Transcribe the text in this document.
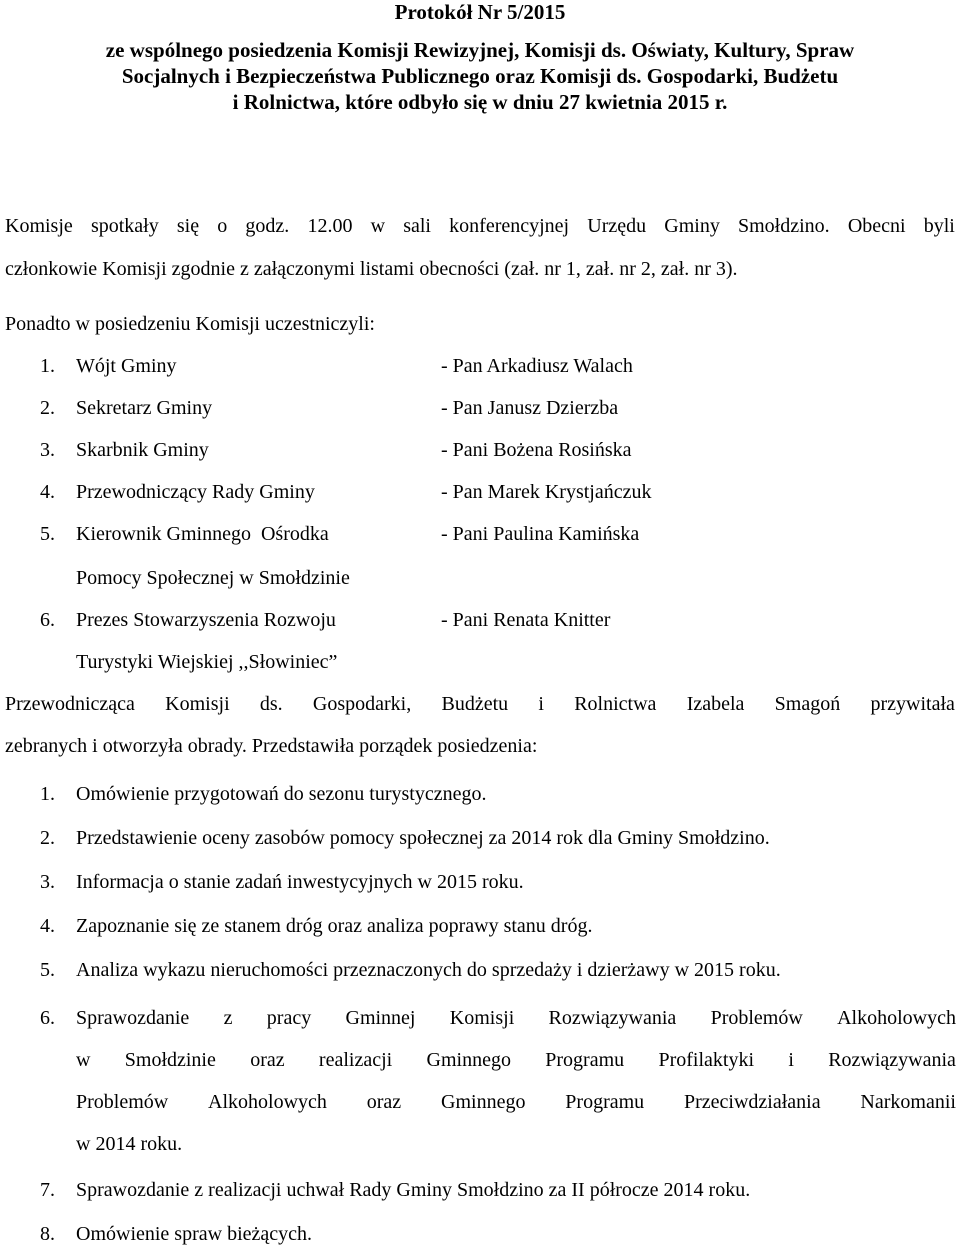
Protokół Nr 5/2015
ze wspólnego posiedzenia Komisji Rewizyjnej, Komisji ds. Oświaty, Kultury, Spraw
Socjalnych i Bezpieczeństwa Publicznego oraz Komisji ds. Gospodarki, Budżetu
i Rolnictwa, które odbyło się w dniu 27 kwietnia 2015 r.
Komisje spotkały się o godz. 12.00 w sali konferencyjnej Urzędu Gminy Smołdzino. Obecni byli
członkowie Komisji zgodnie z załączonymi listami obecności (zał. nr 1, zał. nr 2, zał. nr 3).
Ponadto w posiedzeniu Komisji uczestniczyli:
1. Wójt Gminy	- Pan Arkadiusz Walach
2. Sekretarz Gminy	- Pan Janusz Dzierzba
3. Skarbnik Gminy	- Pani Bożena Rosińska
4. Przewodniczący Rady Gminy	- Pan Marek Krystjańczuk
5. Kierownik Gminnego  Ośrodka	- Pani Paulina Kamińska
Pomocy Społecznej w Smołdzinie
6. Prezes Stowarzyszenia Rozwoju	- Pani Renata Knitter
Turystyki Wiejskiej ,,Słowiniec”
Przewodnicząca Komisji ds. Gospodarki, Budżetu i Rolnictwa Izabela Smagoń przywitała
zebranych i otworzyła obrady. Przedstawiła porządek posiedzenia:
1. Omówienie przygotowań do sezonu turystycznego.
2. Przedstawienie oceny zasobów pomocy społecznej za 2014 rok dla Gminy Smołdzino.
3. Informacja o stanie zadań inwestycyjnych w 2015 roku.
4. Zapoznanie się ze stanem dróg oraz analiza poprawy stanu dróg.
5. Analiza wykazu nieruchomości przeznaczonych do sprzedaży i dzierżawy w 2015 roku.
6. Sprawozdanie z pracy Gminnej Komisji Rozwiązywania Problemów Alkoholowych
w Smołdzinie oraz realizacji Gminnego Programu Profilaktyki i Rozwiązywania
Problemów Alkoholowych oraz Gminnego Programu Przeciwdziałania Narkomanii
w 2014 roku.
7. Sprawozdanie z realizacji uchwał Rady Gminy Smołdzino za II półrocze 2014 roku.
8. Omówienie spraw bieżących.
